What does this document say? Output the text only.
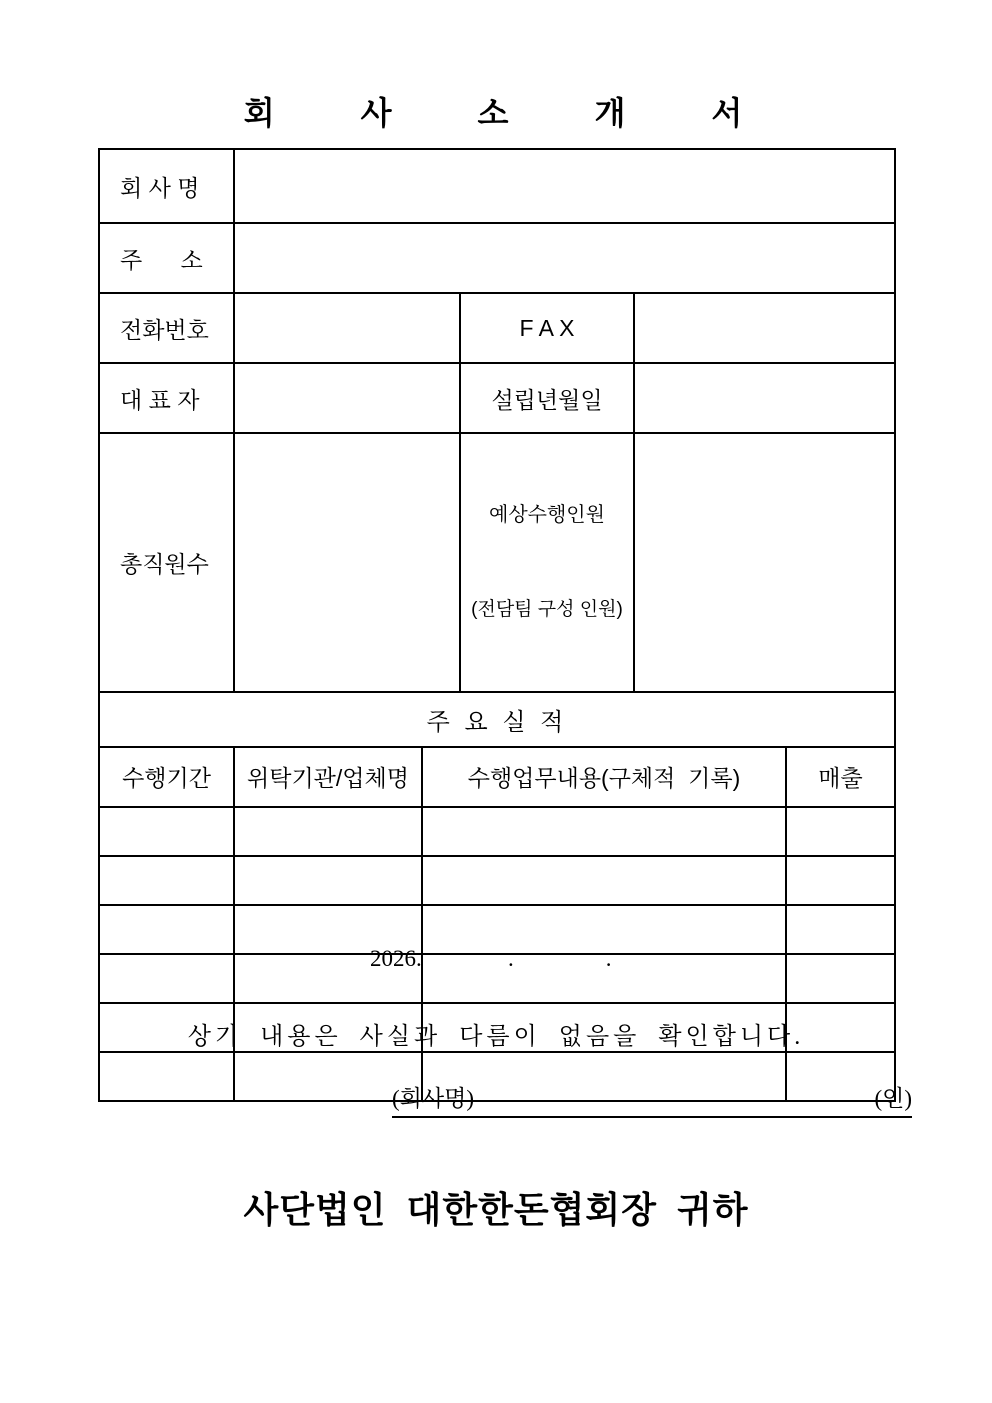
회  사  소  개  서
회 사 명			
주      소			
전화번호		F A X	
대 표 자		설립년월일	
총직원수		예상수행인원

(전담팀 구성 인원)	

주 요 실 적			
수행기간	위탁기관/업체명	수행업무내용(구체적  기록)	매출

2026.               .                .
상기 내용은 사실과 다름이 없음을 확인합니다.
(회사명)	(인)
사단법인 대한한돈협회장 귀하
